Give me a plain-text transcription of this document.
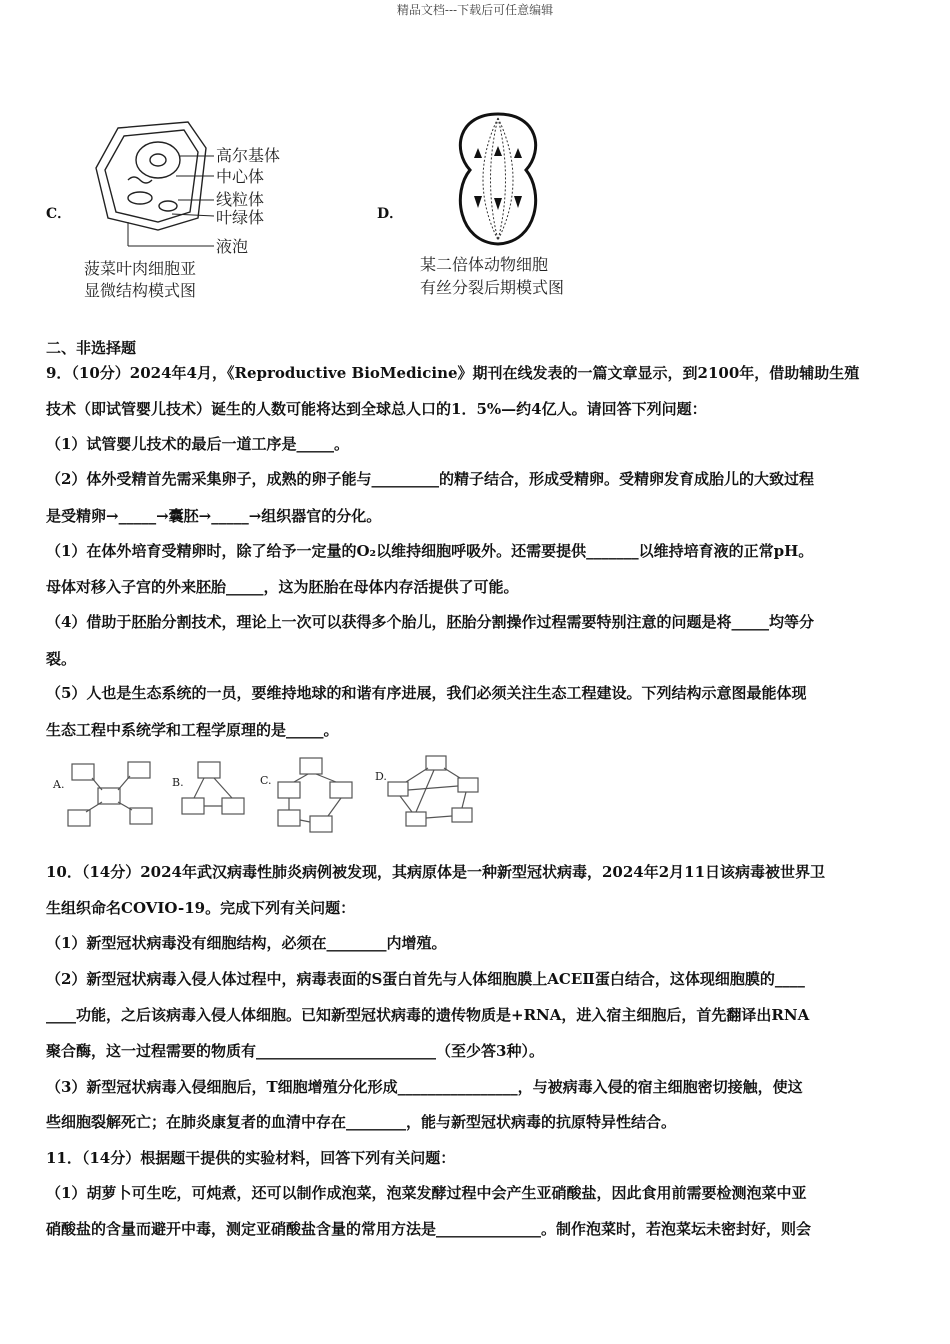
精品文档---下载后可任意编辑
C．
高尔基体
中心体
线粒体
叶绿体
液泡
菠菜叶肉细胞亚
显微结构模式图
D．
某二倍体动物细胞
有丝分裂后期模式图
二、非选择题
9．（10分）2024年4月，《Reproductive BioMedicine》期刊在线发表的一篇文章显示，到2100年，借助辅助生殖
技术（即试管婴儿技术）诞生的人数可能将达到全球总人口的1．5%—约4亿人。请回答下列问题：
（1）试管婴儿技术的最后一道工序是_____。
（2）体外受精首先需采集卵子，成熟的卵子能与_________的精子结合，形成受精卵。受精卵发育成胎儿的大致过程
是受精卵→_____→囊胚→_____→组织器官的分化。
（1）在体外培育受精卵时，除了给予一定量的O₂以维持细胞呼吸外。还需要提供_______以维持培育液的正常pH。
母体对移入子宫的外来胚胎_____，这为胚胎在母体内存活提供了可能。
（4）借助于胚胎分割技术，理论上一次可以获得多个胎儿，胚胎分割操作过程需要特别注意的问题是将_____均等分
裂。
（5）人也是生态系统的一员，要维持地球的和谐有序进展，我们必须关注生态工程建设。下列结构示意图最能体现
生态工程中系统学和工程学原理的是_____。
A.	B.	C.	D.
10．（14分）2024年武汉病毒性肺炎病例被发现，其病原体是一种新型冠状病毒，2024年2月11日该病毒被世界卫
生组织命名COVIO-19。完成下列有关问题：
（1）新型冠状病毒没有细胞结构，必须在________内增殖。
（2）新型冠状病毒入侵人体过程中，病毒表面的S蛋白首先与人体细胞膜上ACEⅡ蛋白结合，这体现细胞膜的____
____功能，之后该病毒入侵人体细胞。已知新型冠状病毒的遗传物质是+RNA，进入宿主细胞后，首先翻译出RNA
聚合酶，这一过程需要的物质有________________________（至少答3种）。
（3）新型冠状病毒入侵细胞后，T细胞增殖分化形成________________，与被病毒入侵的宿主细胞密切接触，使这
些细胞裂解死亡；在肺炎康复者的血清中存在________，能与新型冠状病毒的抗原特异性结合。
11．（14分）根据题干提供的实验材料，回答下列有关问题：
（1）胡萝卜可生吃，可炖煮，还可以制作成泡菜，泡菜发酵过程中会产生亚硝酸盐，因此食用前需要检测泡菜中亚
硝酸盐的含量而避开中毒，测定亚硝酸盐含量的常用方法是______________。制作泡菜时，若泡菜坛未密封好，则会
